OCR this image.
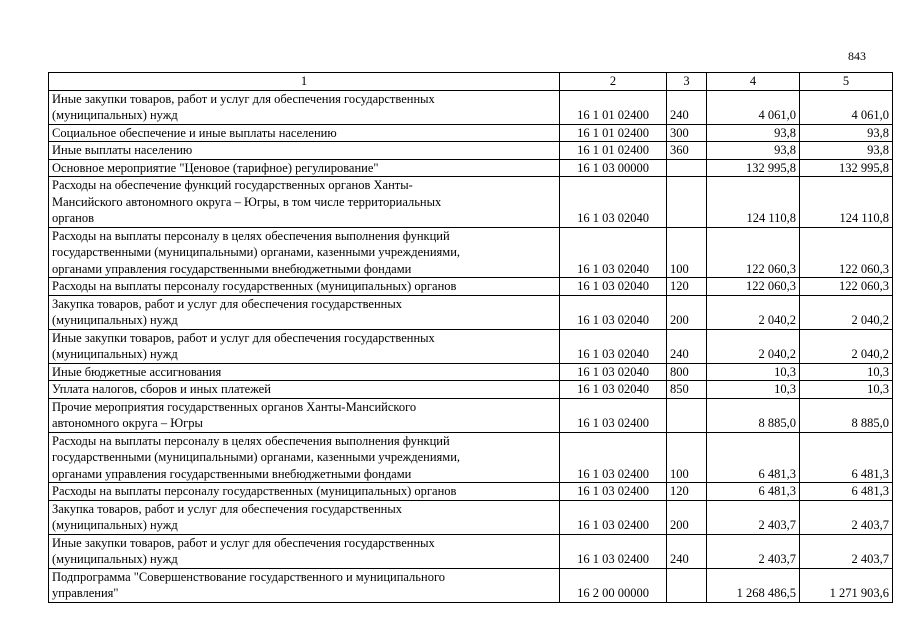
843
1	2	3	4	5
Иные закупки товаров, работ и услуг для обеспечения государственных
(муниципальных) нужд	16 1 01 02400	240	4 061,0	4 061,0
Социальное обеспечение и иные выплаты населению	16 1 01 02400	300	93,8	93,8
Иные выплаты населению	16 1 01 02400	360	93,8	93,8
Основное мероприятие "Ценовое (тарифное) регулирование"	16 1 03 00000		132 995,8	132 995,8
Расходы на обеспечение функций государственных органов Ханты-
Мансийского автономного округа – Югры, в том числе территориальных
органов	16 1 03 02040		124 110,8	124 110,8
Расходы на выплаты персоналу в целях обеспечения выполнения функций
государственными (муниципальными) органами, казенными учреждениями,
органами управления государственными внебюджетными фондами	16 1 03 02040	100	122 060,3	122 060,3
Расходы на выплаты персоналу государственных (муниципальных) органов	16 1 03 02040	120	122 060,3	122 060,3
Закупка товаров, работ и услуг для обеспечения государственных
(муниципальных) нужд	16 1 03 02040	200	2 040,2	2 040,2
Иные закупки товаров, работ и услуг для обеспечения государственных
(муниципальных) нужд	16 1 03 02040	240	2 040,2	2 040,2
Иные бюджетные ассигнования	16 1 03 02040	800	10,3	10,3
Уплата налогов, сборов и иных платежей	16 1 03 02040	850	10,3	10,3
Прочие мероприятия государственных органов Ханты-Мансийского
автономного округа – Югры	16 1 03 02400		8 885,0	8 885,0
Расходы на выплаты персоналу в целях обеспечения выполнения функций
государственными (муниципальными) органами, казенными учреждениями,
органами управления государственными внебюджетными фондами	16 1 03 02400	100	6 481,3	6 481,3
Расходы на выплаты персоналу государственных (муниципальных) органов	16 1 03 02400	120	6 481,3	6 481,3
Закупка товаров, работ и услуг для обеспечения государственных
(муниципальных) нужд	16 1 03 02400	200	2 403,7	2 403,7
Иные закупки товаров, работ и услуг для обеспечения государственных
(муниципальных) нужд	16 1 03 02400	240	2 403,7	2 403,7
Подпрограмма "Совершенствование государственного и муниципального
управления"	16 2 00 00000		1 268 486,5	1 271 903,6
